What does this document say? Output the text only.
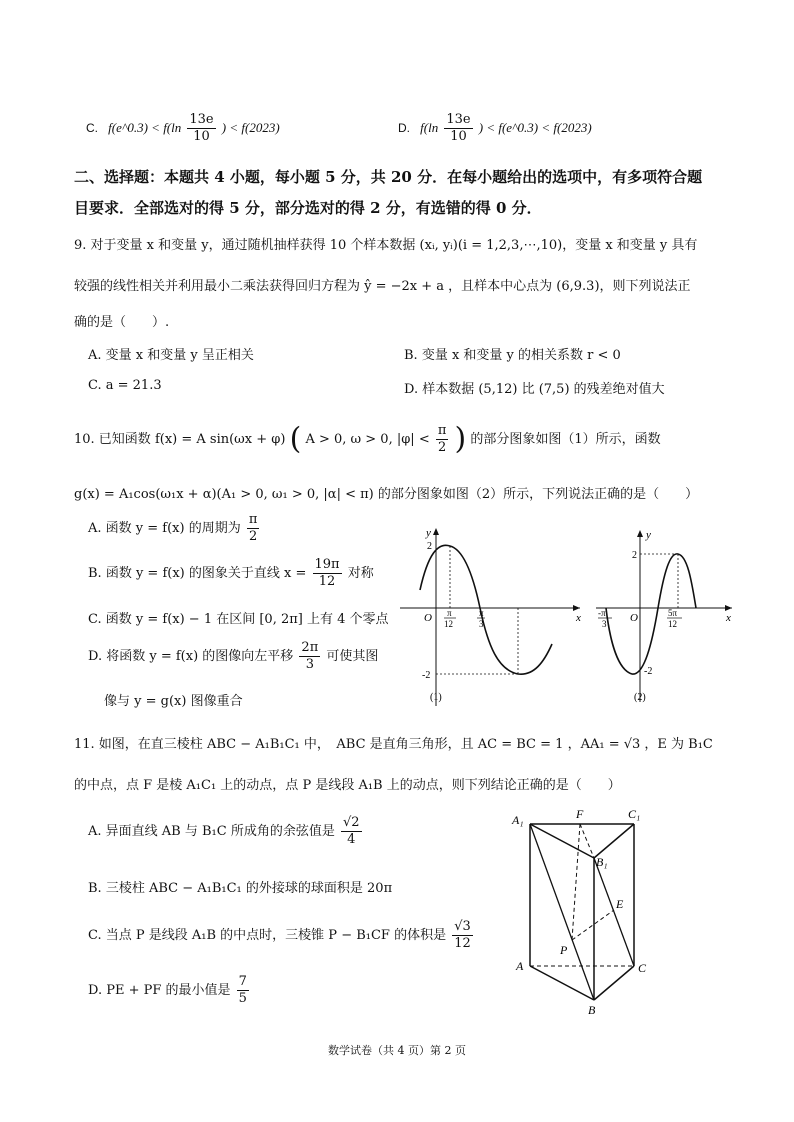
C. f(e^0.3) < $f(\ln \frac{13e}{10}$ ) < f(2023)	D. $f(\ln \frac{13e}{10}$ ) < f(e^0.3) < f(2023)
二、选择题：本题共 4 小题，每小题 5 分，共 20 分．在每小题给出的选项中，有多项符合题
目要求．全部选对的得 5 分，部分选对的得 2 分，有选错的得 0 分．
9. 对于变量 x 和变量 y，通过随机抽样获得 10 个样本数据 (xᵢ, yᵢ)(i = 1,2,3,⋯,10)，变量 x 和变量 y 具有
较强的线性相关并利用最小二乘法获得回归方程为 ŷ = −2x + a ，且样本中心点为 (6,9.3)，则下列说法正
确的是（　　）.
A. 变量 x 和变量 y 呈正相关	B. 变量 x 和变量 y 的相关系数 r < 0
C. a = 21.3	D. 样本数据 (5,12) 比 (7,5) 的残差绝对值大
10. 已知函数 f(x) = A sin(ωx + φ) ( A > 0, ω > 0, $|\varphi| < \frac{\pi}{2}$ ) 的部分图象如图（1）所示，函数
g(x) = A₁cos(ω₁x + α)(A₁ > 0, ω₁ > 0, |α| < π) 的部分图象如图（2）所示，下列说法正确的是（　　）
A. 函数 y = f(x) 的周期为 $\frac{\pi}{2}$
B. 函数 y = f(x) 的图象关于直线 $x = \frac{19\pi}{12}$ 对称
C. 函数 y = f(x) − 1 在区间 [0, 2π] 上有 4 个零点
D. 将函数 y = f(x) 的图像向左平移 $\frac{2\pi}{3}$ 可使其图
像与 y = g(x) 图像重合
y
x
O
2
-2
π
12
π
3
(1)
y
x
O
2
-2
-π
3
5π
12
(2)
11. 如图，在直三棱柱 ABC − A₁B₁C₁ 中，　ABC 是直角三角形，且 AC = BC = 1 ，AA₁ = √3 ，E 为 B₁C
的中点，点 F 是棱 A₁C₁ 上的动点，点 P 是线段 A₁B 上的动点，则下列结论正确的是（　　）
A. 异面直线 AB 与 B₁C 所成角的余弦值是 $\frac{√2}{4}$
B. 三棱柱 ABC − A₁B₁C₁ 的外接球的球面积是 20π
C. 当点 P 是线段 A₁B 的中点时，三棱锥 P − B₁CF 的体积是 $\frac{√3}{12}$
D. PE + PF 的最小值是 $\frac{7}{5}$
A₁	F	C₁
B₁
E
P
A	C
B
数学试卷（共 4 页）第 2 页
